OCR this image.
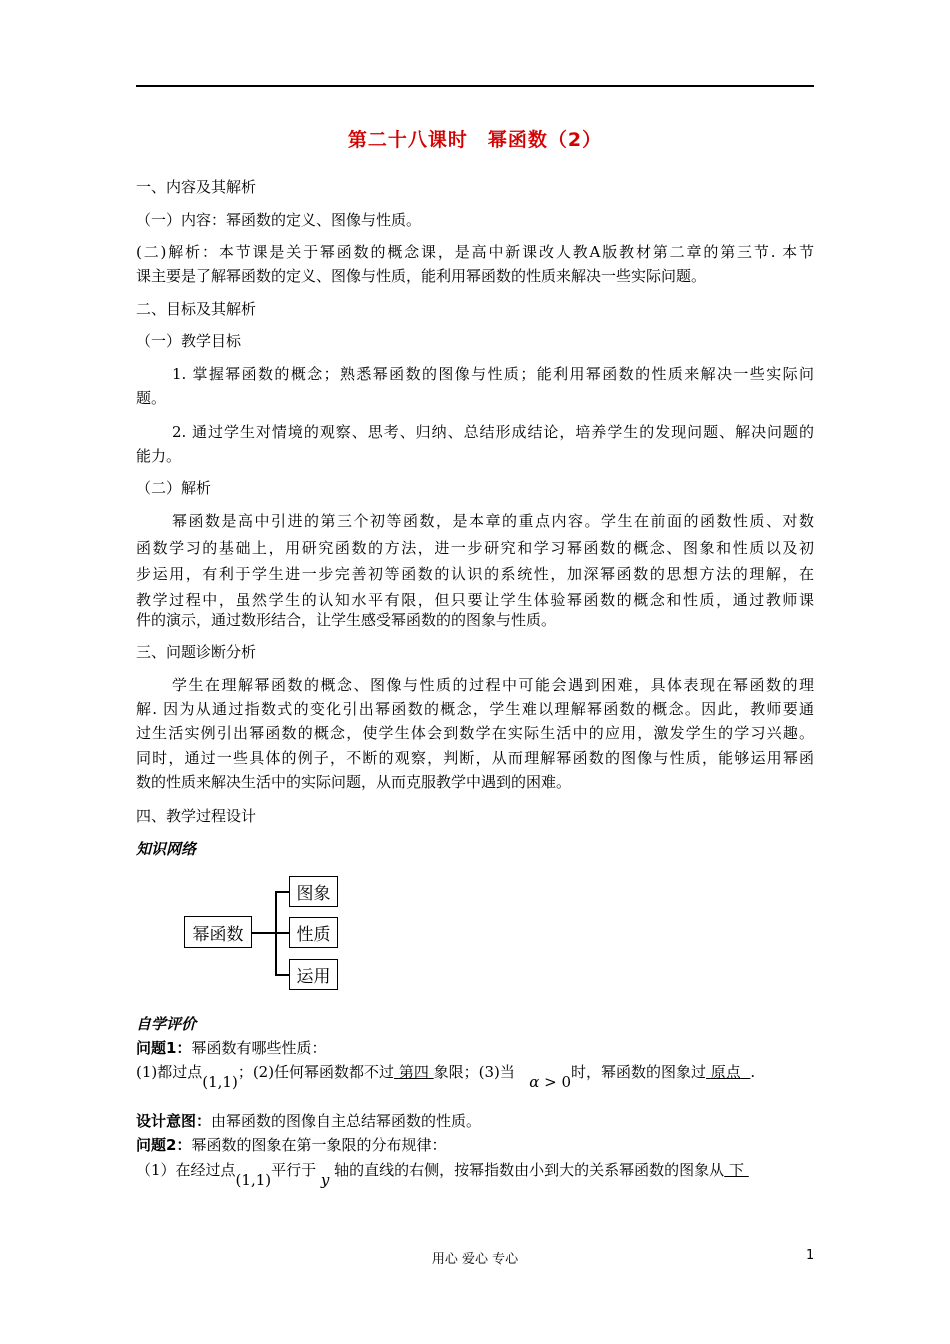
第二十八课时　幂函数（2）
一、内容及其解析
（一）内容：幂函数的定义、图像与性质。
(二)解析：本节课是关于幂函数的概念课，是高中新课改人教A版教材第二章的第三节. 本节
课主要是了解幂函数的定义、图像与性质，能利用幂函数的性质来解决一些实际问题。
二、目标及其解析
（一）教学目标
1. 掌握幂函数的概念；熟悉幂函数的图像与性质；能利用幂函数的性质来解决一些实际问
题。
2. 通过学生对情境的观察、思考、归纳、总结形成结论，培养学生的发现问题、解决问题的
能力。
（二）解析
幂函数是高中引进的第三个初等函数，是本章的重点内容。学生在前面的函数性质、对数
函数学习的基础上，用研究函数的方法，进一步研究和学习幂函数的概念、图象和性质以及初
步运用，有利于学生进一步完善初等函数的认识的系统性，加深幂函数的思想方法的理解，在
教学过程中，虽然学生的认知水平有限，但只要让学生体验幂函数的概念和性质，通过教师课
件的演示，通过数形结合，让学生感受幂函数的的图象与性质。
三、问题诊断分析
学生在理解幂函数的概念、图像与性质的过程中可能会遇到困难，具体表现在幂函数的理
解. 因为从通过指数式的变化引出幂函数的概念，学生难以理解幂函数的概念。因此，教师要通
过生活实例引出幂函数的概念，使学生体会到数学在实际生活中的应用，激发学生的学习兴趣。
同时，通过一些具体的例子，不断的观察，判断，从而理解幂函数的图像与性质，能够运用幂函
数的性质来解决生活中的实际问题，从而克服教学中遇到的困难。
四、教学过程设计
知识网络
幂函数
图象
性质
运用
自学评价
问题1：幂函数有哪些性质：
(1)都过点(1,1)；(2)任何幂函数都不过 第四 象限；(3)当   α > 0时，幂函数的图象过 原点 .
设计意图：由幂函数的图像自主总结幂函数的性质。
问题2：幂函数的图象在第一象限的分布规律：
（1）在经过点(1,1)平行于 y 轴的直线的右侧，按幂指数由小到大的关系幂函数的图象从 下
用心 爱心 专心	1
